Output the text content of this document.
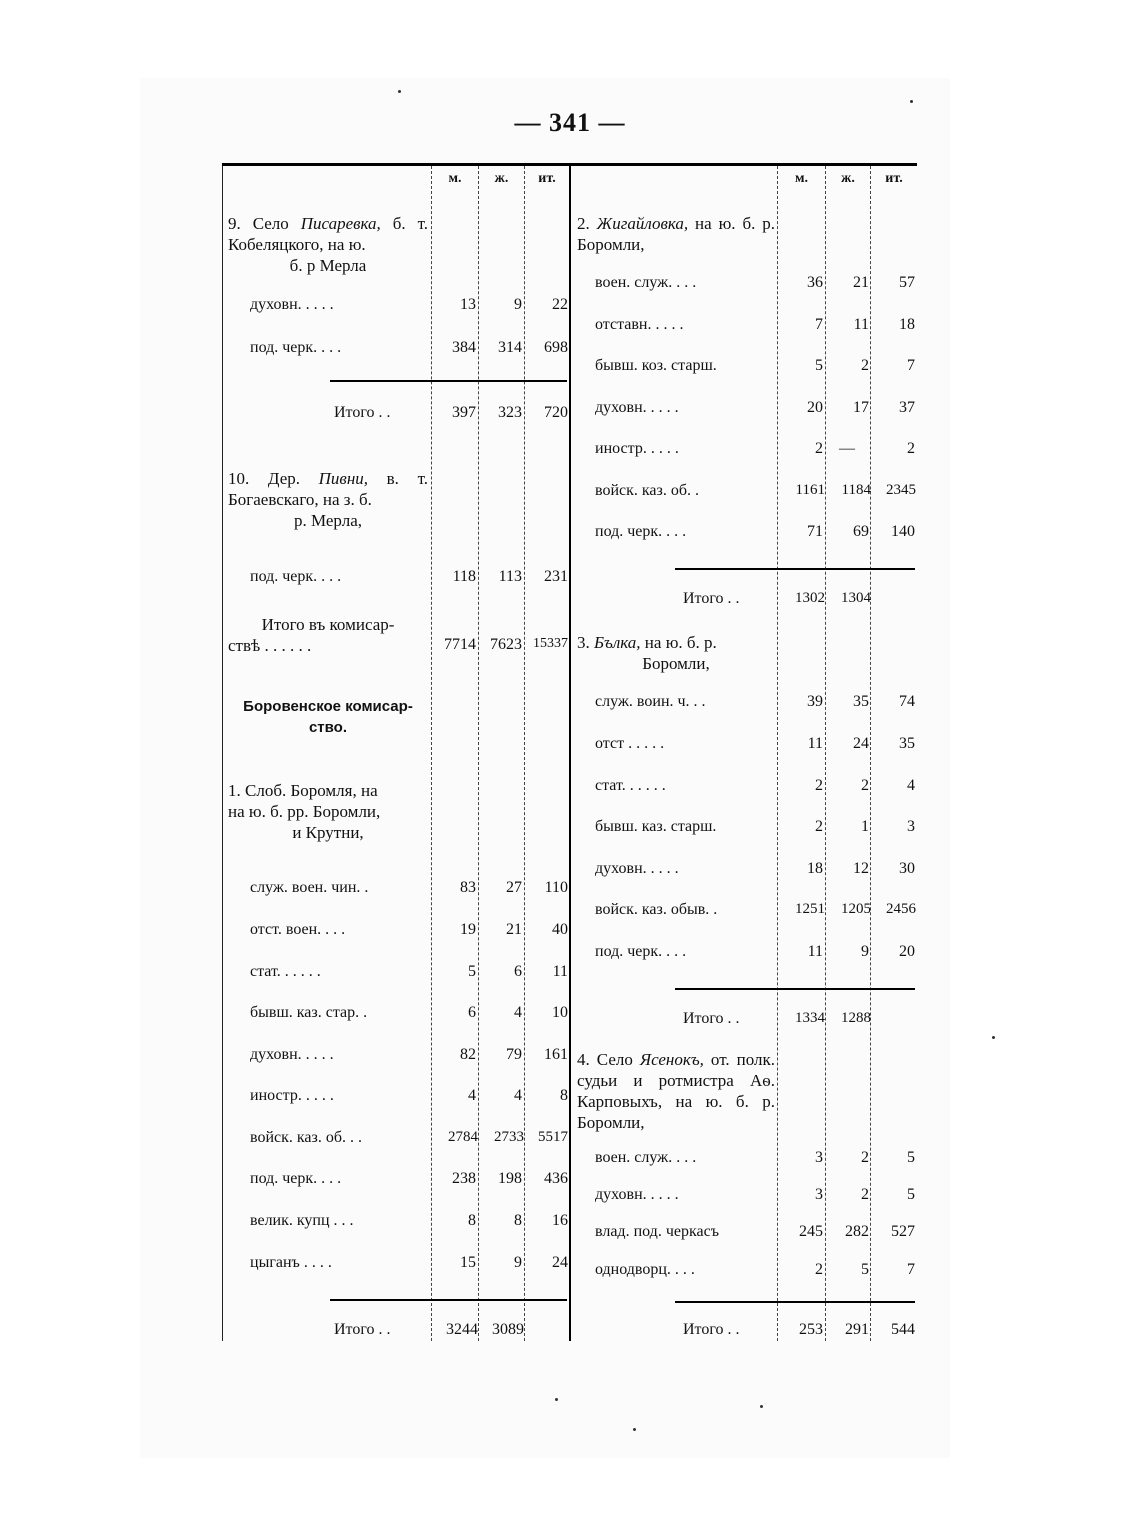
— 341 —
м.	ж.	ит.
9. Село Писаревка, б. т. Кобеляцкого, на ю.
б. р Мерла
духовн. . . . .	13	9	22
под. черк. . . .	384	314	698
Итого . .	397	323	720
10. Дер. Пивни, в. т. Богаевскаго, на з. б.
р. Мерла,
под. черк. . . .	118	113	231
Итого въ комисар-
ствѣ . . . . . .	7714 7623 15337
Боровенское комисар-
ство.
1. Слоб. Боромля, на
на ю. б. рр. Боромли,
и Крутни,
служ. воен. чин. .	83	27	110
отст. воен. . . .	19	21	40
стат. . . . . .	5	6	11
бывш. каз. стар. .	6	4	10
духовн. . . . .	82	79	161
иностр. . . . .	4	4	8
войск. каз. об. . .	2784	2733 5517
под. черк. . . .	238	198	436
велик. купц . . .	8	8	16
цыганъ . . . .	15	9	24
Итого . .	3244 3089
м.	ж.	ит.
2. Жигайловка, на ю. б. р. Боромли,
воен. служ. . . .	36	21	57
отставн. . . . .	7	11	18
бывш. коз. старш.	5	2	7
духовн. . . . .	20	17	37
иностр. . . . .	2	—	2
войск. каз. об. .	1161	1184	2345
под. черк. . . .	71	69	140
Итого . .	1302	1304
3. Бълка, на ю. б. р.
Боромли,
служ. воин. ч. . .	39	35	74
отст . . . . .	11	24	35
стат. . . . . .	2	2	4
бывш. каз. старш.	2	1	3
духовн. . . . .	18	12	30
войск. каз. обыв. .	1251	1205	2456
под. черк. . . .	11	9	20
Итого . .	1334	1288
4. Село Ясенокъ, от. полк. судьи и ротмистра Аѳ. Карповыхъ, на ю. б. р. Боромли,
воен. служ. . . .	3	2	5
духовн. . . . .	3	2	5
влад. под. черкасъ	245	282	527
однодворц. . . .	2	5	7
Итого . .	253	291	544
